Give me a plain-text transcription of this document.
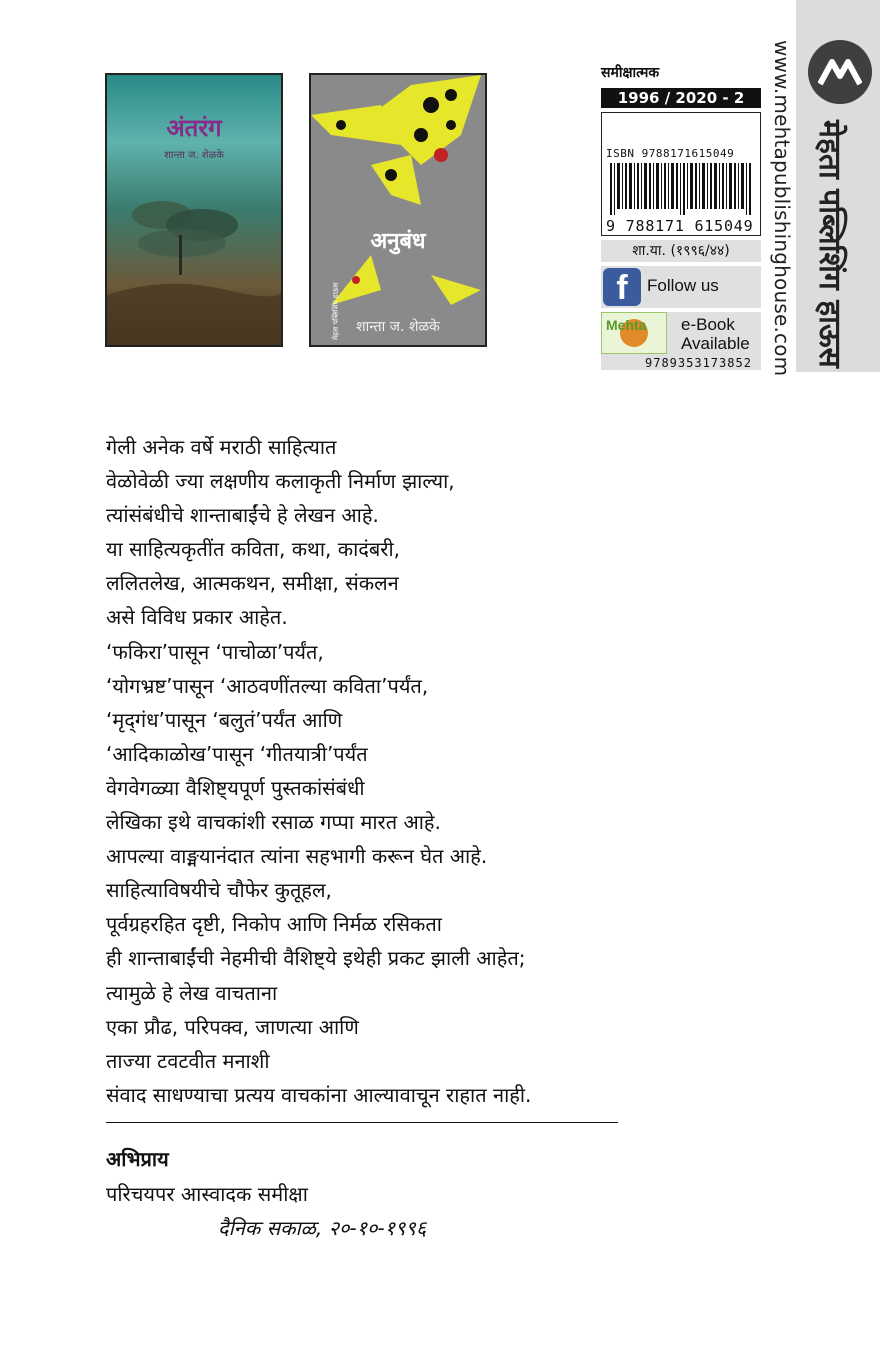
मेहता पब्लिशिंग हाऊस
www.mehtapublishinghouse.com
अंतरंग
शान्ता ज. शेळके
अनुबंध
मेहता पब्लिशिंग हाऊस	शान्ता ज. शेळके
समीक्षात्मक
1996 / 2020 - 2
ISBN 9788171615049
9 788171 615049
शा.या. (१९९६/४४)
f	Follow us
Mehta e-Book
Available
9789353173852
गेली अनेक वर्षे मराठी साहित्यात
वेळोवेळी ज्या लक्षणीय कलाकृती निर्माण झाल्या,
त्यांसंबंधीचे शान्ताबाईंचे हे लेखन आहे.
या साहित्यकृतींत कविता, कथा, कादंबरी,
ललितलेख, आत्मकथन, समीक्षा, संकलन
असे विविध प्रकार आहेत.
‘फकिरा’पासून ‘पाचोळा’पर्यंत,
‘योगभ्रष्ट’पासून ‘आठवणींतल्या कविता’पर्यंत,
‘मृद्‌गंध’पासून ‘बलुतं’पर्यंत आणि
‘आदिकाळोख’पासून ‘गीतयात्री’पर्यंत
वेगवेगळ्या वैशिष्ट्यपूर्ण पुस्तकांसंबंधी
लेखिका इथे वाचकांशी रसाळ गप्पा मारत आहे.
आपल्या वाङ्मयानंदात त्यांना सहभागी करून घेत आहे.
साहित्याविषयीचे चौफेर कुतूहल,
पूर्वग्रहरहित दृष्टी, निकोप आणि निर्मळ रसिकता
ही शान्ताबाईंची नेहमीची वैशिष्ट्ये इथेही प्रकट झाली आहेत;
त्यामुळे हे लेख वाचताना
एका प्रौढ, परिपक्व, जाणत्या आणि
ताज्या टवटवीत मनाशी
संवाद साधण्याचा प्रत्यय वाचकांना आल्यावाचून राहात नाही.
अभिप्राय
परिचयपर आस्वादक समीक्षा
दैनिक सकाळ, २०-१०-१९९६
